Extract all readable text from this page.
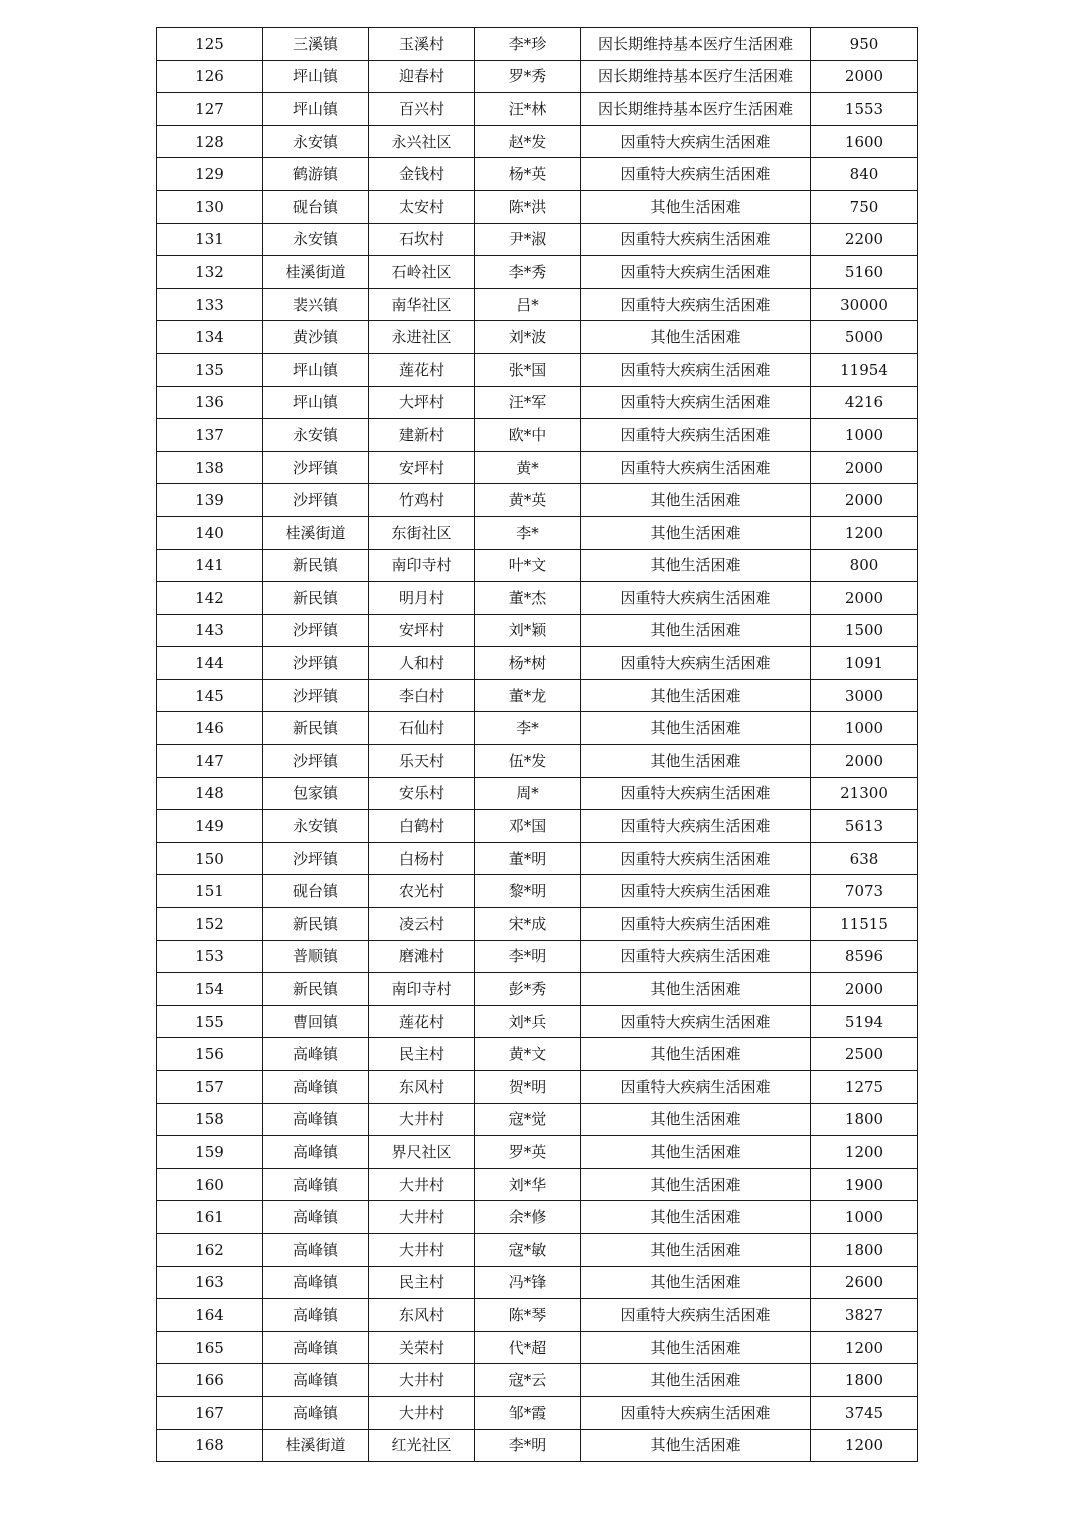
125	三溪镇	玉溪村	李*珍	因长期维持基本医疗生活困难	950
126	坪山镇	迎春村	罗*秀	因长期维持基本医疗生活困难	2000
127	坪山镇	百兴村	汪*林	因长期维持基本医疗生活困难	1553
128	永安镇	永兴社区	赵*发	因重特大疾病生活困难	1600
129	鹤游镇	金钱村	杨*英	因重特大疾病生活困难	840
130	砚台镇	太安村	陈*洪	其他生活困难	750
131	永安镇	石坎村	尹*淑	因重特大疾病生活困难	2200
132	桂溪街道	石岭社区	李*秀	因重特大疾病生活困难	5160
133	裴兴镇	南华社区	吕*	因重特大疾病生活困难	30000
134	黄沙镇	永进社区	刘*波	其他生活困难	5000
135	坪山镇	莲花村	张*国	因重特大疾病生活困难	11954
136	坪山镇	大坪村	汪*军	因重特大疾病生活困难	4216
137	永安镇	建新村	欧*中	因重特大疾病生活困难	1000
138	沙坪镇	安坪村	黄*	因重特大疾病生活困难	2000
139	沙坪镇	竹鸡村	黄*英	其他生活困难	2000
140	桂溪街道	东街社区	李*	其他生活困难	1200
141	新民镇	南印寺村	叶*文	其他生活困难	800
142	新民镇	明月村	董*杰	因重特大疾病生活困难	2000
143	沙坪镇	安坪村	刘*颖	其他生活困难	1500
144	沙坪镇	人和村	杨*树	因重特大疾病生活困难	1091
145	沙坪镇	李白村	董*龙	其他生活困难	3000
146	新民镇	石仙村	李*	其他生活困难	1000
147	沙坪镇	乐天村	伍*发	其他生活困难	2000
148	包家镇	安乐村	周*	因重特大疾病生活困难	21300
149	永安镇	白鹤村	邓*国	因重特大疾病生活困难	5613
150	沙坪镇	白杨村	董*明	因重特大疾病生活困难	638
151	砚台镇	农光村	黎*明	因重特大疾病生活困难	7073
152	新民镇	凌云村	宋*成	因重特大疾病生活困难	11515
153	普顺镇	磨滩村	李*明	因重特大疾病生活困难	8596
154	新民镇	南印寺村	彭*秀	其他生活困难	2000
155	曹回镇	莲花村	刘*兵	因重特大疾病生活困难	5194
156	高峰镇	民主村	黄*文	其他生活困难	2500
157	高峰镇	东风村	贺*明	因重特大疾病生活困难	1275
158	高峰镇	大井村	寇*觉	其他生活困难	1800
159	高峰镇	界尺社区	罗*英	其他生活困难	1200
160	高峰镇	大井村	刘*华	其他生活困难	1900
161	高峰镇	大井村	余*修	其他生活困难	1000
162	高峰镇	大井村	寇*敏	其他生活困难	1800
163	高峰镇	民主村	冯*锋	其他生活困难	2600
164	高峰镇	东风村	陈*琴	因重特大疾病生活困难	3827
165	高峰镇	关荣村	代*超	其他生活困难	1200
166	高峰镇	大井村	寇*云	其他生活困难	1800
167	高峰镇	大井村	邹*霞	因重特大疾病生活困难	3745
168	桂溪街道	红光社区	李*明	其他生活困难	1200
